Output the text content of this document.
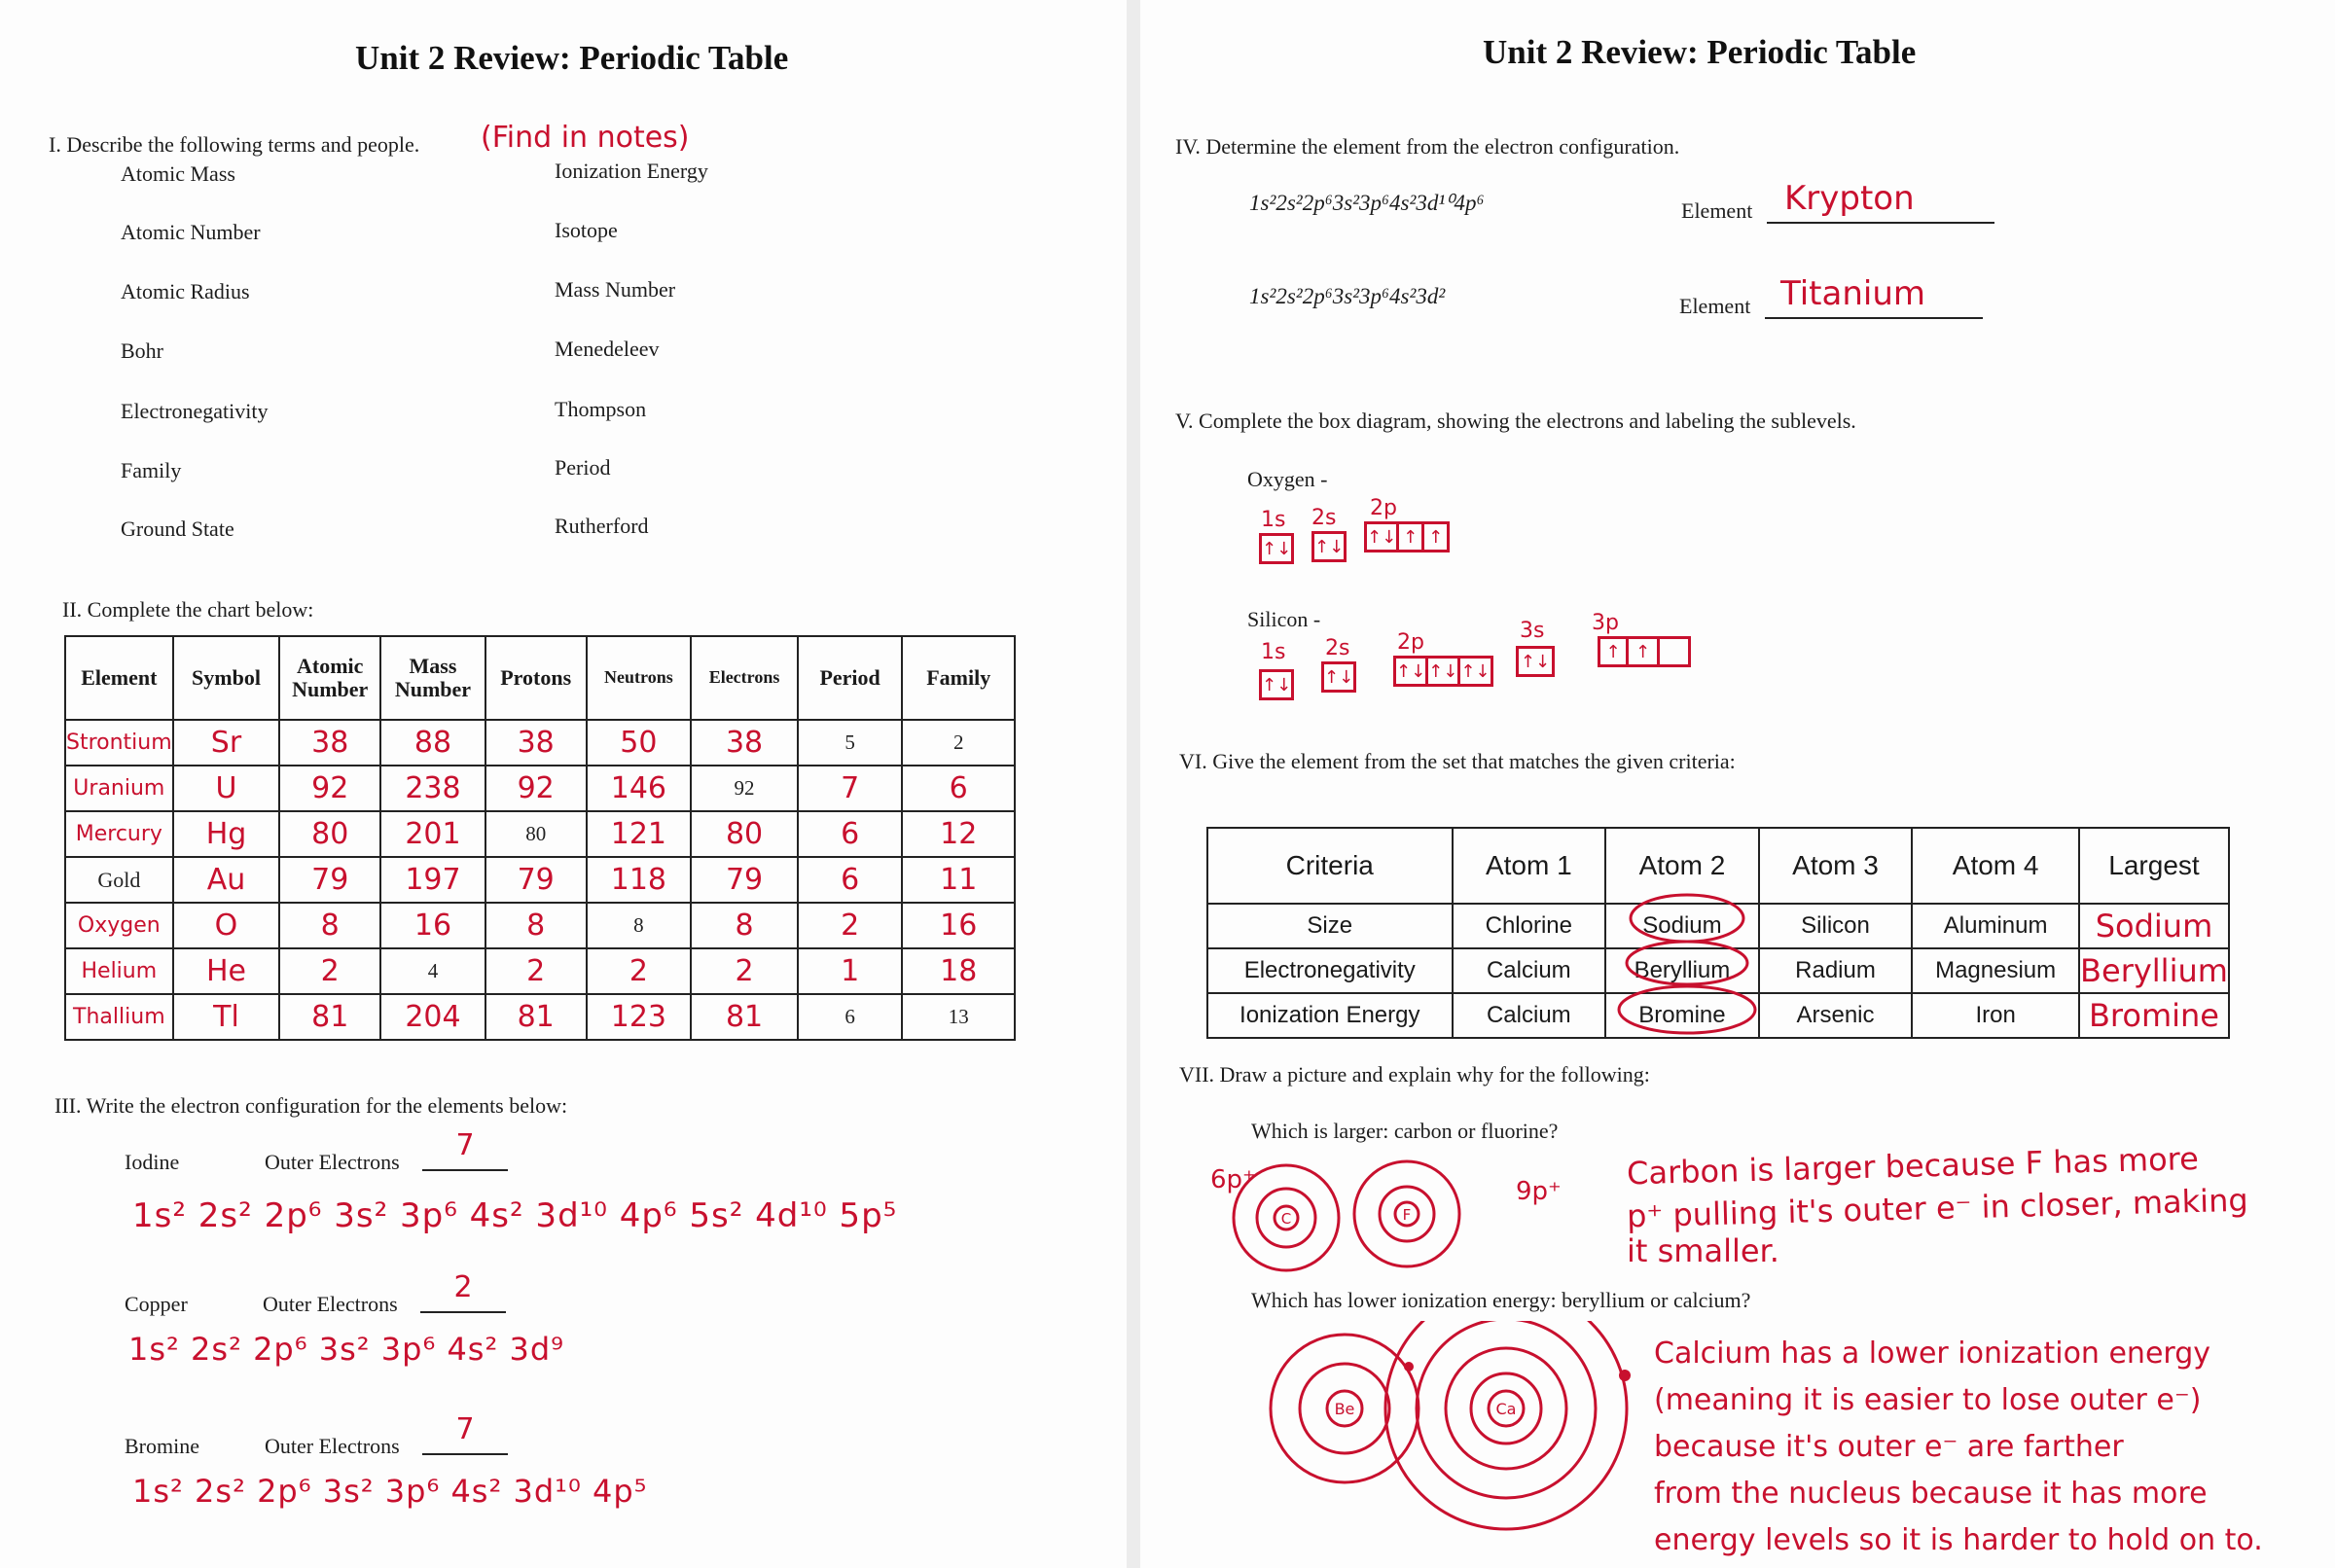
Unit 2 Review: Periodic Table
I. Describe the following terms and people. (Find in notes)
Atomic Mass
Atomic Number
Atomic Radius
Bohr
Electronegativity
Family
Ground State
Ionization Energy
Isotope
Mass Number
Menedeleev
Thompson
Period
Rutherford
II. Complete the chart below:
Element	Symbol	Atomic Number	Mass Number	Protons	Neutrons	Electrons	Period	Family
Strontium	Sr	38	88	38	50	38	5	2
Uranium	U	92	238	92	146	92	7	6
Mercury	Hg	80	201	80	121	80	6	12
Gold	Au	79	197	79	118	79	6	11
Oxygen	O	8	16	8	8	8	2	16
Helium	He	2	4	2	2	2	1	18
Thallium	Tl	81	204	81	123	81	6	13
III. Write the electron configuration for the elements below:
Iodine	Outer Electrons	7
1s² 2s² 2p⁶ 3s² 3p⁶ 4s² 3d¹⁰ 4p⁶ 5s² 4d¹⁰ 5p⁵
Copper	Outer Electrons	2
1s² 2s² 2p⁶ 3s² 3p⁶ 4s² 3d⁹
Bromine	Outer Electrons	7
1s² 2s² 2p⁶ 3s² 3p⁶ 4s² 3d¹⁰ 4p⁵
Unit 2 Review: Periodic Table
IV. Determine the element from the electron configuration.
1s²2s²2p⁶3s²3p⁶4s²3d¹⁰4p⁶	Element Krypton
1s²2s²2p⁶3s²3p⁶4s²3d²	Element Titanium
V. Complete the box diagram, showing the electrons and labeling the sublevels.
Oxygen -
Silicon -
1s
↑↓
2s
↑↓
2p
↑↓ ↑ ↑
1s
↑↓
2s
↑↓
2p
↑↓ ↑↓ ↑↓
3s
↑↓
3p
↑ ↑
VI. Give the element from the set that matches the given criteria:
Criteria	Atom 1	Atom 2	Atom 3	Atom 4	Largest
Size	Chlorine	Sodium	Silicon	Aluminum	Sodium
Electronegativity	Calcium	Beryllium	Radium	Magnesium	Beryllium
Ionization Energy	Calcium	Bromine	Arsenic	Iron	Bromine
VII. Draw a picture and explain why for the following:
Which is larger: carbon or fluorine?
C	F
6p⁺	9p⁺ Carbon is larger because F has more
p⁺ pulling it's outer e⁻ in closer, making
it smaller.
Which has lower ionization energy: beryllium or calcium?
Be	Ca
Calcium has a lower ionization energy
(meaning it is easier to lose outer e⁻)
because it's outer e⁻ are farther
from the nucleus because it has more
energy levels so it is harder to hold on to.
